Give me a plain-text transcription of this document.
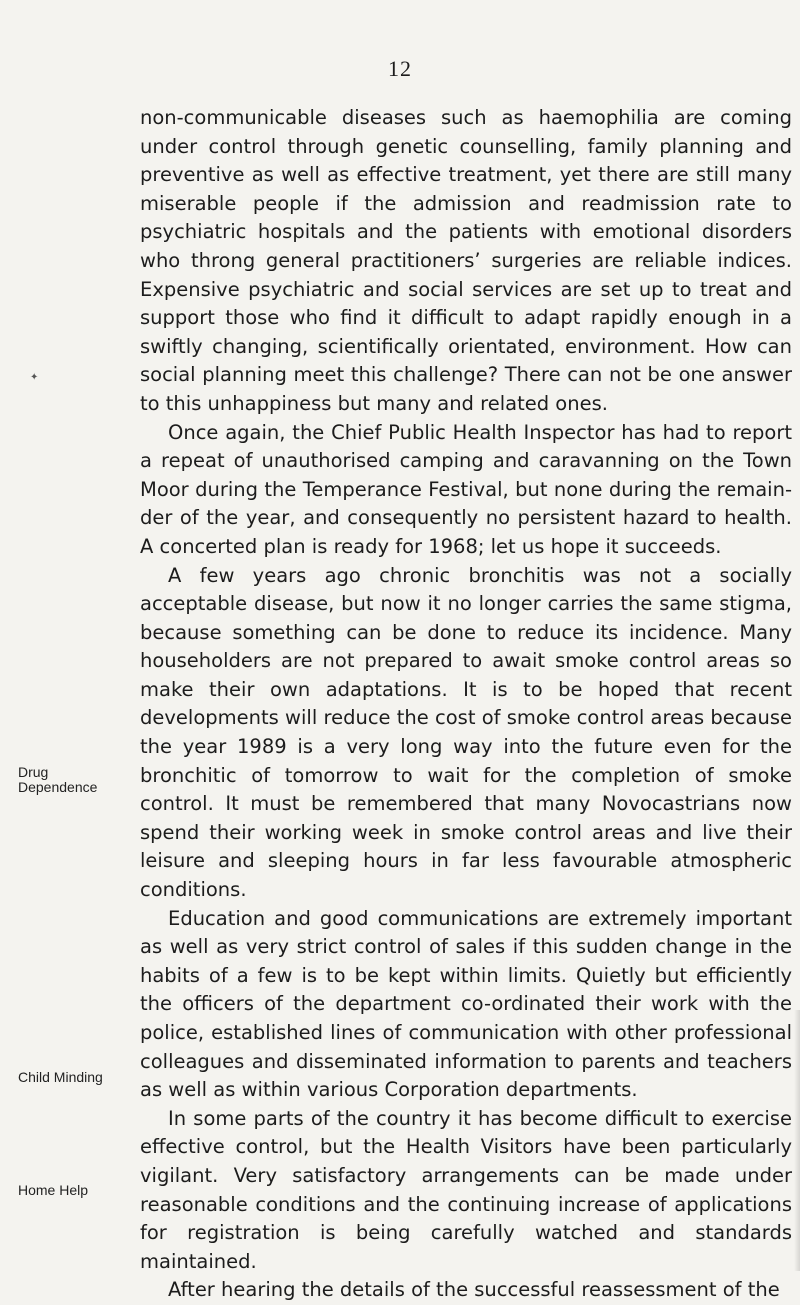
12
Drug
Dependence
Child Minding
Home Help
✦

non-communicable diseases such as haemophilia are coming under control through genetic counselling, family planning and preventive as well as effective treatment, yet there are still many miserable people if the admission and readmission rate to psychiatric hospitals and the patients with emotional disorders who throng general practitioners’ surgeries are reliable indices. Expensive psychiatric and social services are set up to treat and support those who find it difficult to adapt rapidly enough in a swiftly changing, scientifically orientated, environment. How can social planning meet this challenge? There can not be one answer to this unhappiness but many and related ones.

Once again, the Chief Public Health Inspector has had to report a repeat of unauthorised camping and caravanning on the Town Moor during the Temperance Festival, but none during the remainder of the year, and consequently no persistent hazard to health. A concerted plan is ready for 1968; let us hope it succeeds.

A few years ago chronic bronchitis was not a socially acceptable disease, but now it no longer carries the same stigma, because something can be done to reduce its incidence. Many householders are not prepared to await smoke control areas so make their own adaptations. It is to be hoped that recent developments will reduce the cost of smoke control areas because the year 1989 is a very long way into the future even for the bronchitic of tomorrow to wait for the completion of smoke control. It must be remembered that many Novocastrians now spend their working week in smoke control areas and live their leisure and sleeping hours in far less favourable atmospheric conditions.

Education and good communications are extremely important as well as very strict control of sales if this sudden change in the habits of a few is to be kept within limits. Quietly but efficiently the officers of the department co-ordinated their work with the police, established lines of communication with other professional colleagues and disseminated information to parents and teachers as well as within various Corporation departments.

In some parts of the country it has become difficult to exercise effective control, but the Health Visitors have been particularly vigilant. Very satisfactory arrangements can be made under reasonable conditions and the continuing increase of applications for registration is being carefully watched and standards maintained.

After hearing the details of the successful reassessment of the
